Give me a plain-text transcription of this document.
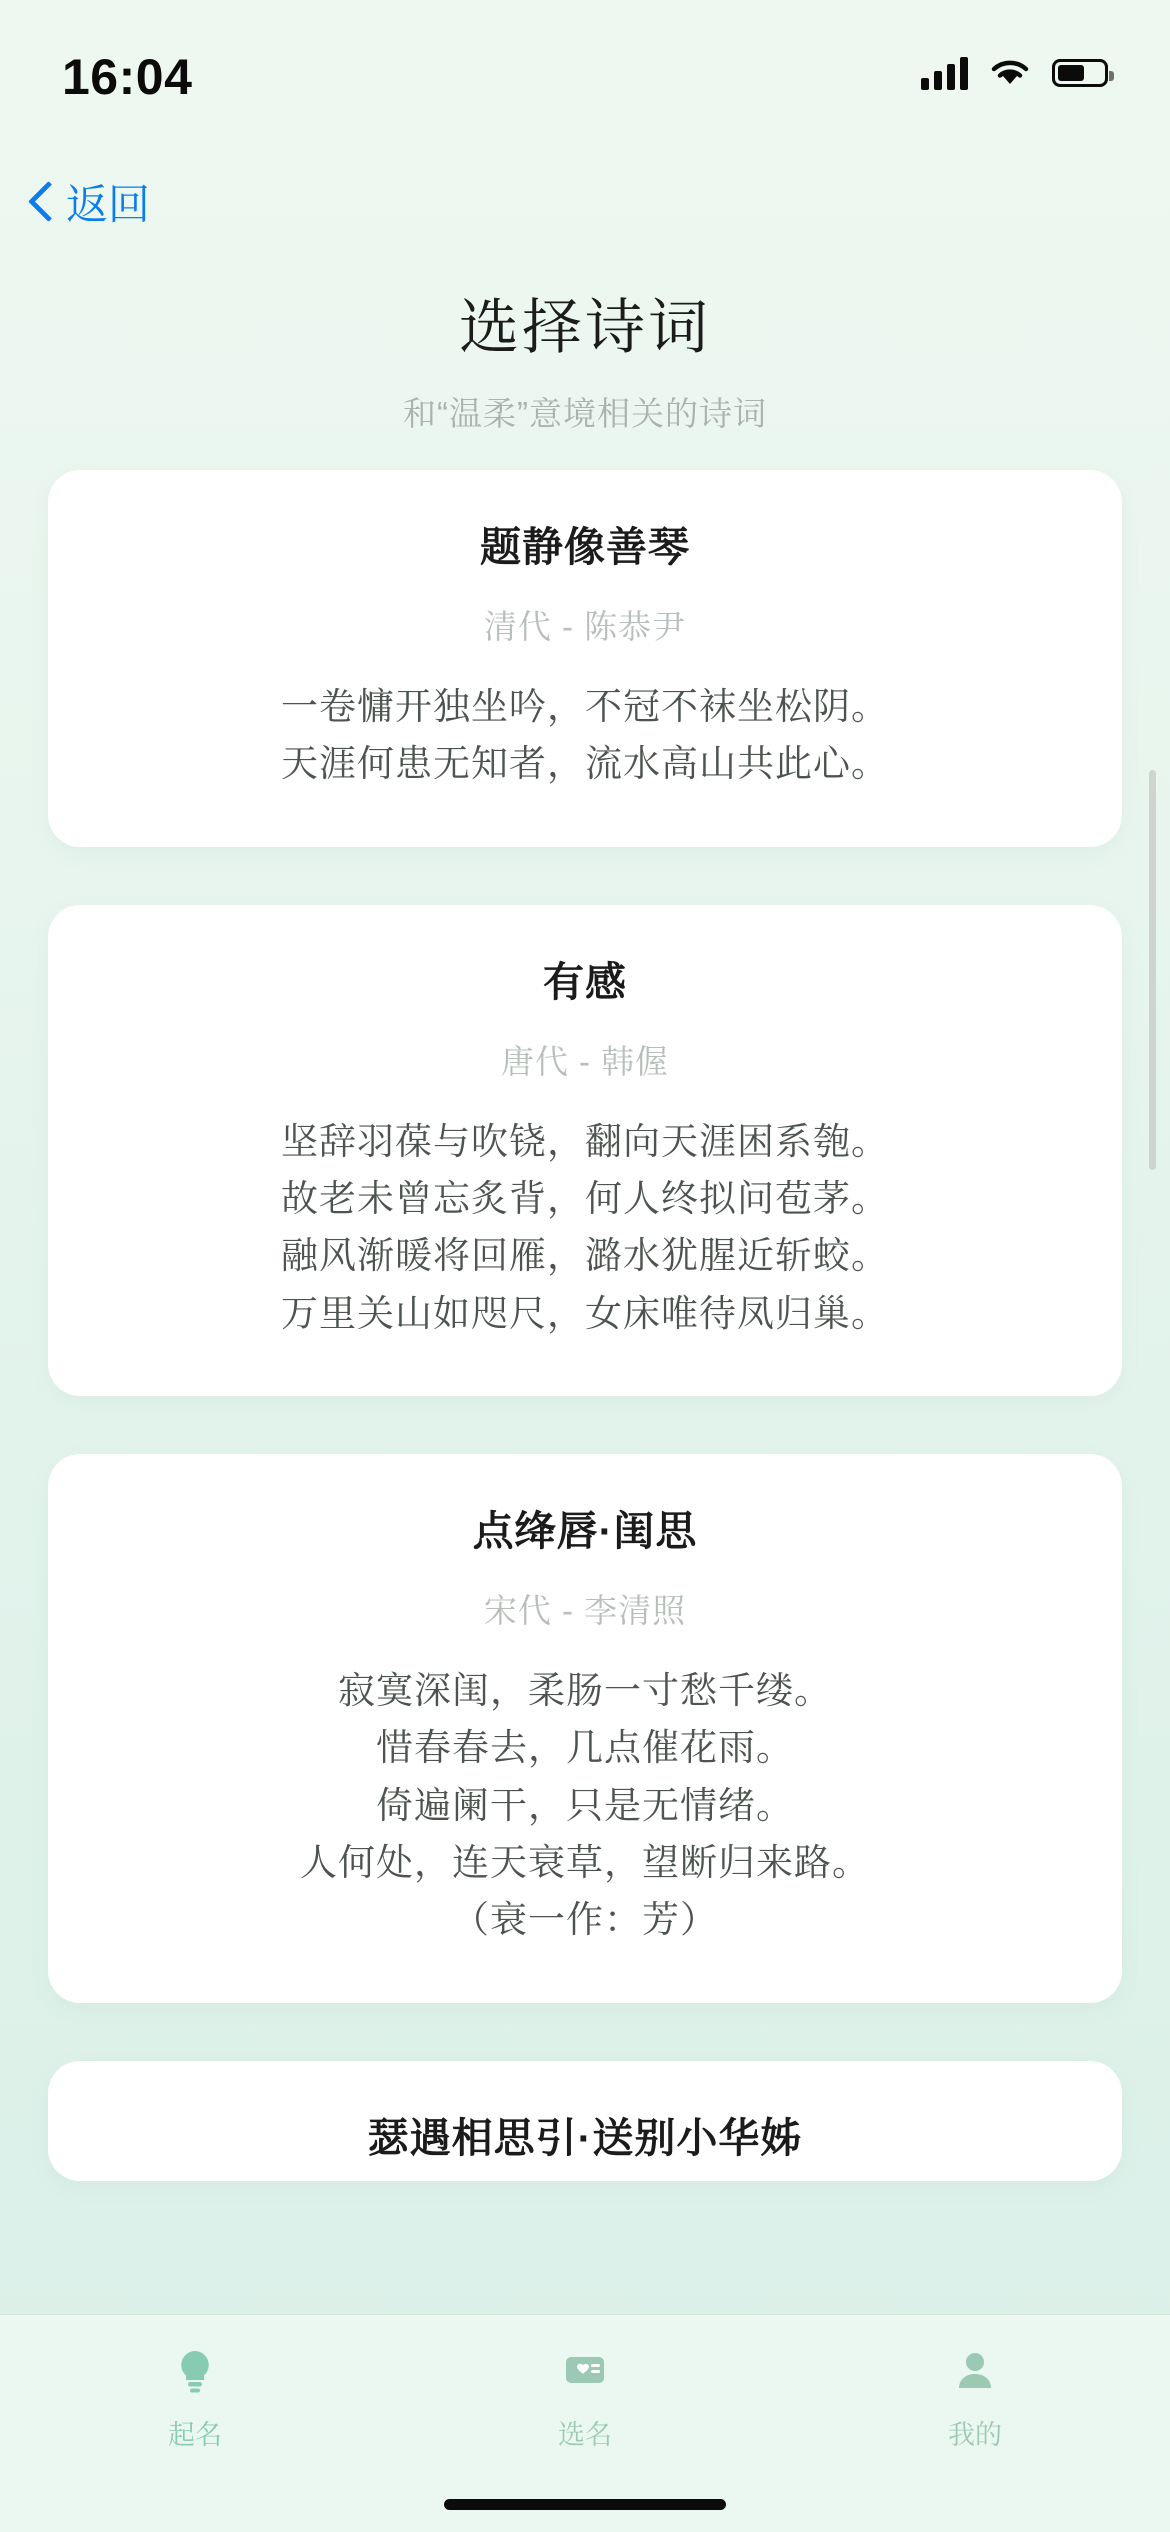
16:04
返回
选择诗词
和“温柔”意境相关的诗词
题静像善琴
清代 - 陈恭尹
一卷慵开独坐吟，不冠不袜坐松阴。
天涯何患无知者，流水高山共此心。
有感
唐代 - 韩偓
坚辞羽葆与吹铙，翻向天涯困系匏。
故老未曾忘炙背，何人终拟问苞茅。
融风渐暖将回雁，潞水犹腥近斩蛟。
万里关山如咫尺，女床唯待凤归巢。
点绛唇·闺思
宋代 - 李清照
寂寞深闺，柔肠一寸愁千缕。
惜春春去，几点催花雨。
倚遍阑干，只是无情绪。
人何处，连天衰草，望断归来路。
（衰一作：芳）
瑟遇相思引·送别小华姊
起名	选名	我的
